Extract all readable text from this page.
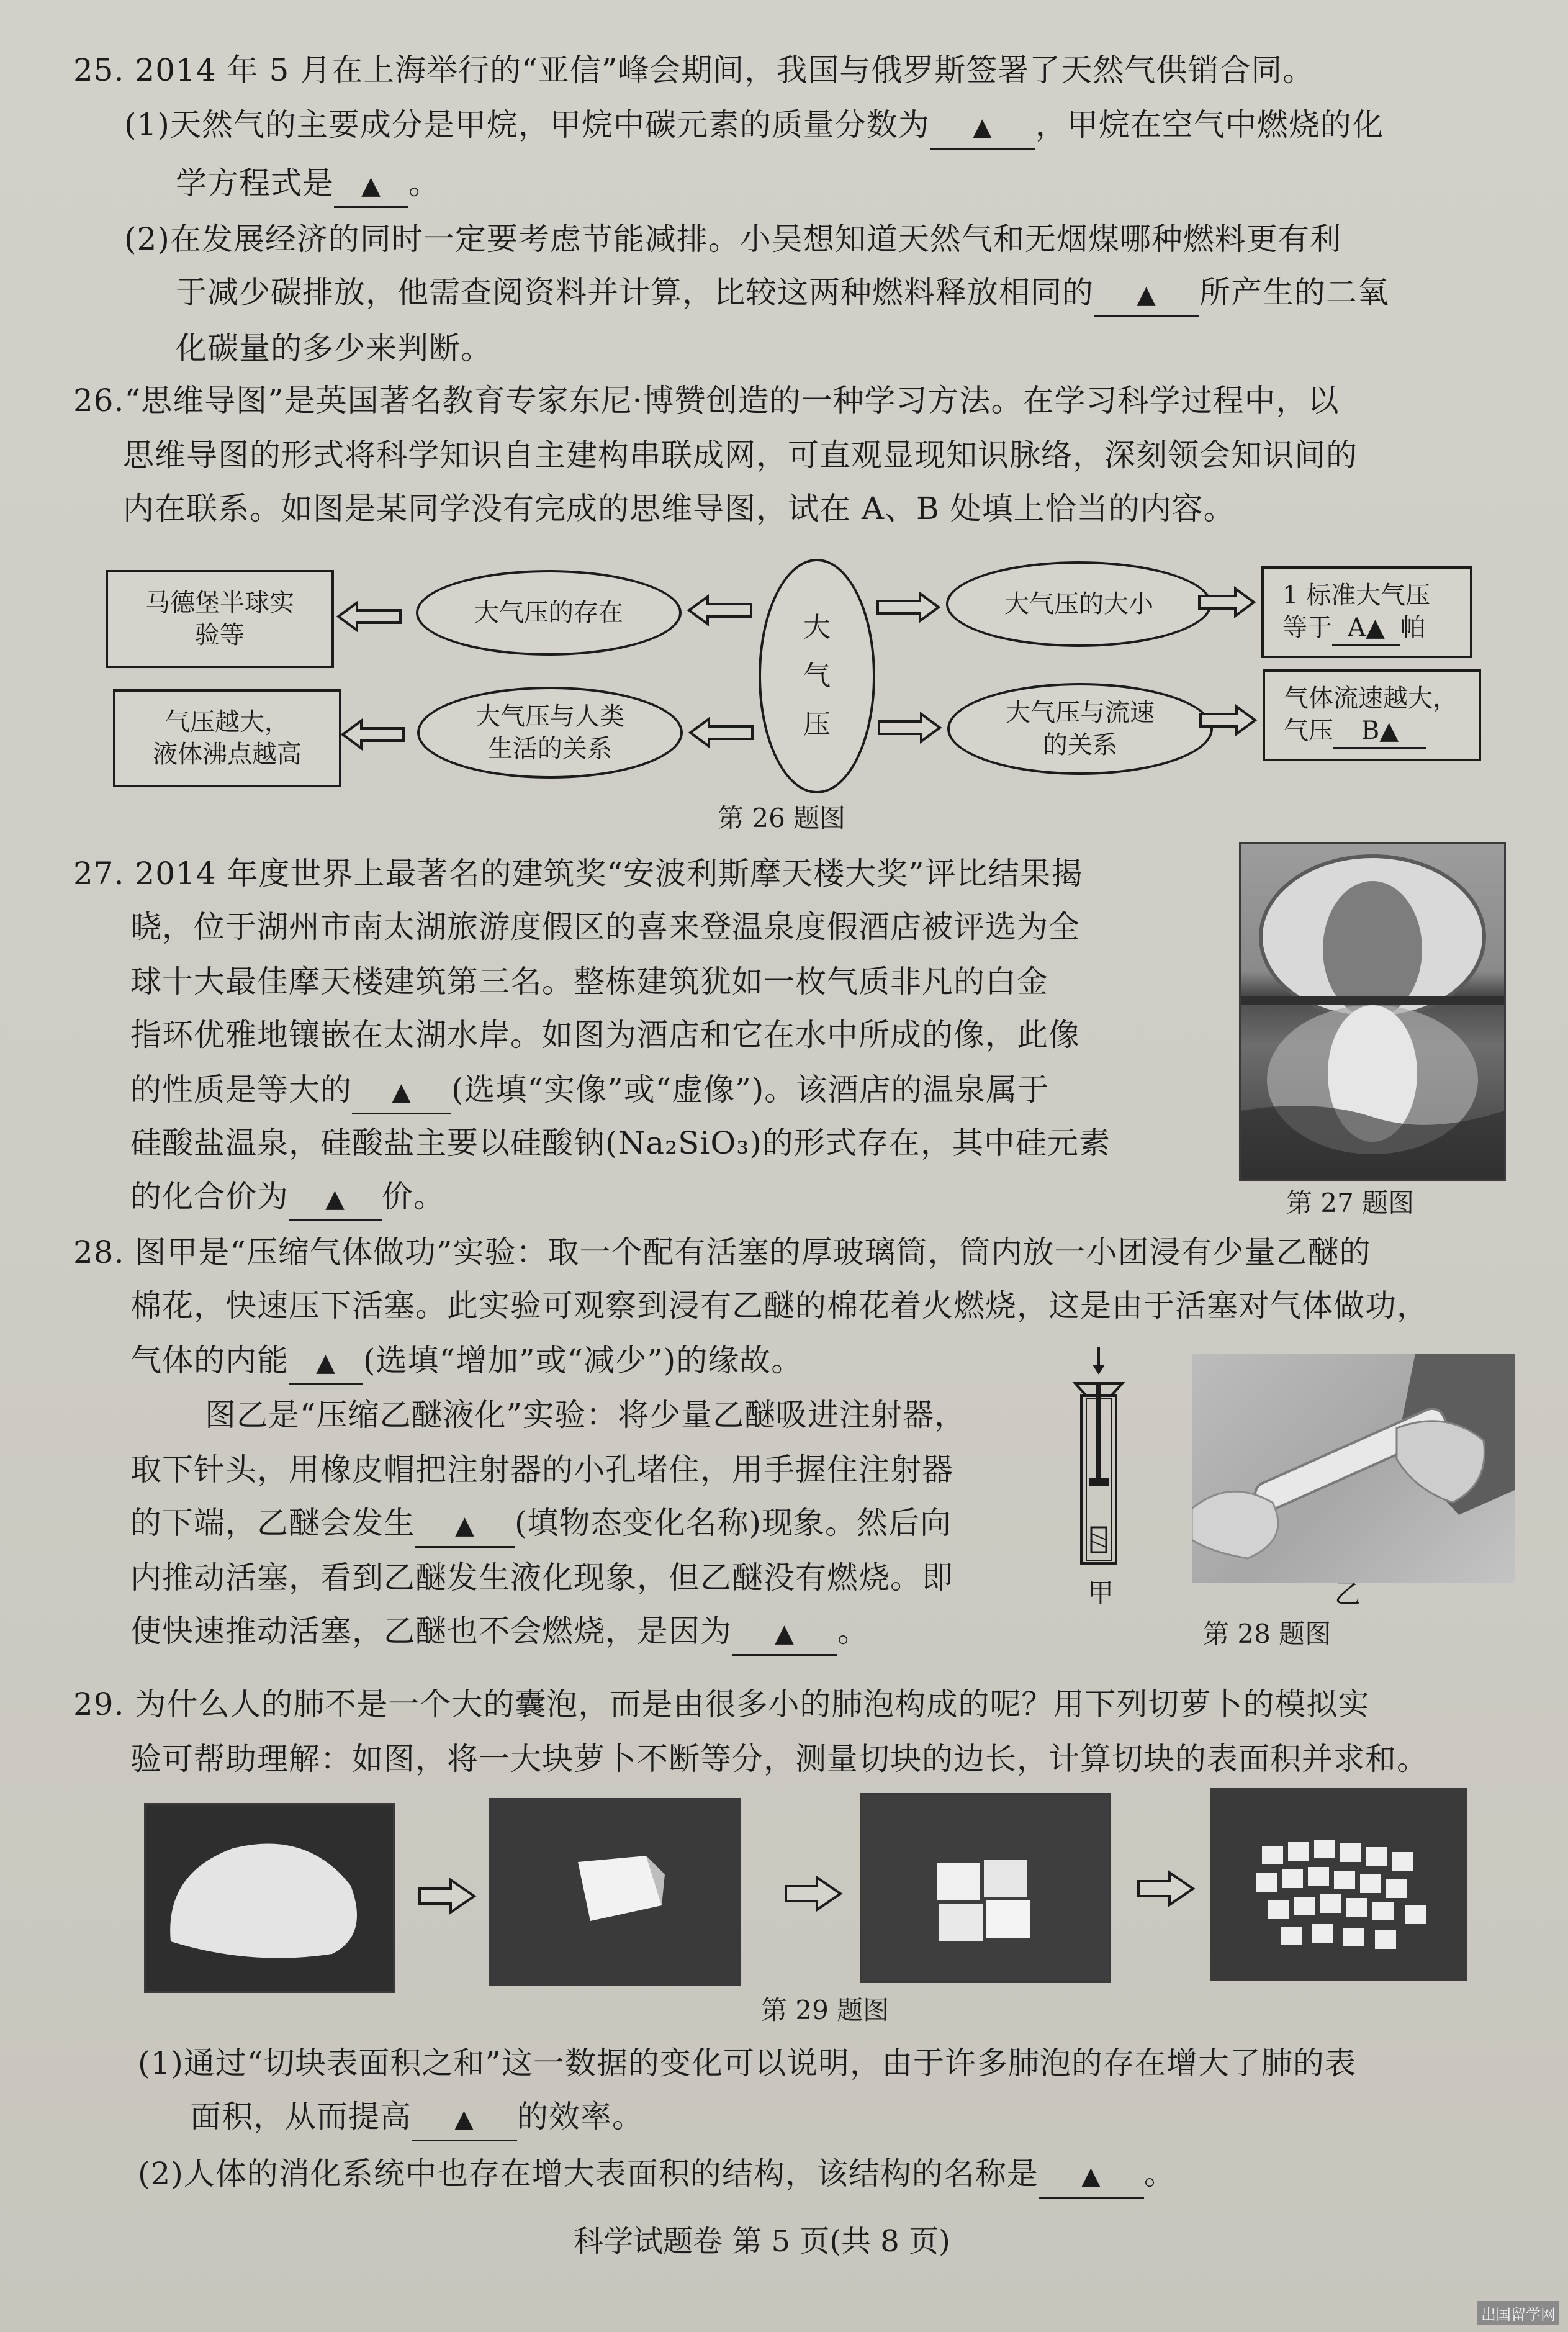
25. 2014 年 5 月在上海举行的“亚信”峰会期间，我国与俄罗斯签署了天然气供销合同。
(1)天然气的主要成分是甲烷，甲烷中碳元素的质量分数为 ▲ ，甲烷在空气中燃烧的化
学方程式是 ▲ 。
(2)在发展经济的同时一定要考虑节能减排。小吴想知道天然气和无烟煤哪种燃料更有利
于减少碳排放，他需查阅资料并计算，比较这两种燃料释放相同的 ▲ 所产生的二氧
化碳量的多少来判断。
26.“思维导图”是英国著名教育专家东尼·博赞创造的一种学习方法。在学习科学过程中，以
思维导图的形式将科学知识自主建构串联成网，可直观显现知识脉络，深刻领会知识间的
内在联系。如图是某同学没有完成的思维导图，试在 A、B 处填上恰当的内容。
马德堡半球实
验等
气压越大，
液体沸点越高
大气压的存在
大气压与人类
生活的关系
大
气
压
大气压的大小
大气压与流速
的关系
1 标准大气压
等于 A▲ 帕
气体流速越大，
气压 B▲
第 26 题图
27. 2014 年度世界上最著名的建筑奖“安波利斯摩天楼大奖”评比结果揭
晓，位于湖州市南太湖旅游度假区的喜来登温泉度假酒店被评选为全
球十大最佳摩天楼建筑第三名。整栋建筑犹如一枚气质非凡的白金
指环优雅地镶嵌在太湖水岸。如图为酒店和它在水中所成的像，此像
的性质是等大的 ▲ (选填“实像”或“虚像”)。该酒店的温泉属于
硅酸盐温泉，硅酸盐主要以硅酸钠(Na₂SiO₃)的形式存在，其中硅元素
的化合价为 ▲ 价。	第 27 题图
28. 图甲是“压缩气体做功”实验：取一个配有活塞的厚玻璃筒，筒内放一小团浸有少量乙醚的
棉花，快速压下活塞。此实验可观察到浸有乙醚的棉花着火燃烧，这是由于活塞对气体做功，
气体的内能 ▲ (选填“增加”或“减少”)的缘故。
图乙是“压缩乙醚液化”实验：将少量乙醚吸进注射器，
取下针头，用橡皮帽把注射器的小孔堵住，用手握住注射器
的下端，乙醚会发生 ▲ (填物态变化名称)现象。然后向
内推动活塞，看到乙醚发生液化现象，但乙醚没有燃烧。即
使快速推动活塞，乙醚也不会燃烧，是因为 ▲ 。
甲	乙
第 28 题图
29. 为什么人的肺不是一个大的囊泡，而是由很多小的肺泡构成的呢？用下列切萝卜的模拟实
验可帮助理解：如图，将一大块萝卜不断等分，测量切块的边长，计算切块的表面积并求和。
第 29 题图
(1)通过“切块表面积之和”这一数据的变化可以说明，由于许多肺泡的存在增大了肺的表
面积，从而提高 ▲ 的效率。
(2)人体的消化系统中也存在增大表面积的结构，该结构的名称是 ▲ 。
科学试题卷 第 5 页(共 8 页)
出国留学网
